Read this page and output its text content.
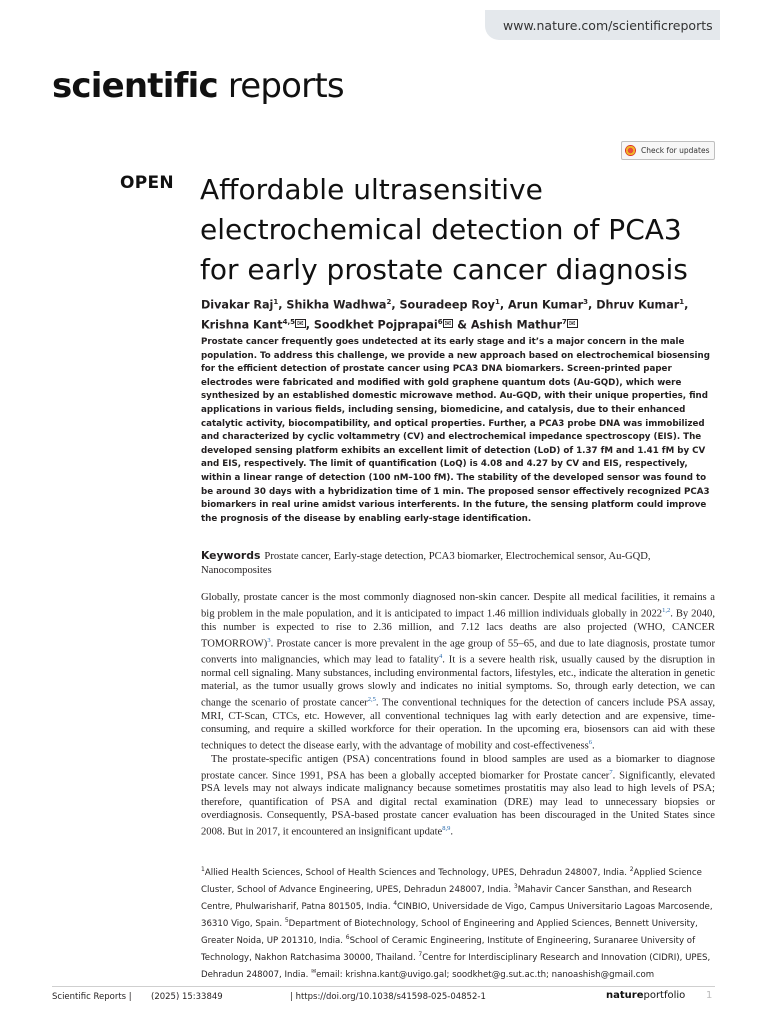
www.nature.com/scientificreports
scientific reports
Check for updates
OPEN Affordable ultrasensitive electrochemical detection of PCA3 for early prostate cancer diagnosis
Divakar Raj$^1$, Shikha Wadhwa$^2$, Souradeep Roy$^1$, Arun Kumar$^3$, Dhruv Kumar$^1$,
Krishna Kant$^{4,5}$ ✉ , Soodkhet Pojprapai$^6$ ✉ & Ashish Mathur$^7$ ✉
Prostate cancer frequently goes undetected at its early stage and it’s a major concern in the male population. To address this challenge, we provide a new approach based on electrochemical biosensing for the efficient detection of prostate cancer using PCA3 DNA biomarkers. Screen-printed paper electrodes were fabricated and modified with gold graphene quantum dots (Au-GQD), which were synthesized by an established domestic microwave method. Au-GQD, with their unique properties, find applications in various fields, including sensing, biomedicine, and catalysis, due to their enhanced catalytic activity, biocompatibility, and optical properties. Further, a PCA3 probe DNA was immobilized and characterized by cyclic voltammetry (CV) and electrochemical impedance spectroscopy (EIS). The developed sensing platform exhibits an excellent limit of detection (LoD) of 1.37 fM and 1.41 fM by CV and EIS, respectively. The limit of quantification (LoQ) is 4.08 and 4.27 by CV and EIS, respectively, within a linear range of detection (100 nM–100 fM). The stability of the developed sensor was found to be around 30 days with a hybridization time of 1 min. The proposed sensor effectively recognized PCA3 biomarkers in real urine amidst various interferents. In the future, the sensing platform could improve the prognosis of the disease by enabling early-stage identification.
Keywords Prostate cancer, Early-stage detection, PCA3 biomarker, Electrochemical sensor, Au-GQD, Nanocomposites

Globally, prostate cancer is the most commonly diagnosed non-skin cancer. Despite all medical facilities, it remains a big problem in the male population, and it is anticipated to impact 1.46 million individuals globally in 2022$^{1,2}$. By 2040, this number is expected to rise to 2.36 million, and 7.12 lacs deaths are also projected (WHO, CANCER TOMORROW)$^3$. Prostate cancer is more prevalent in the age group of 55–65, and due to late diagnosis, prostate tumor converts into malignancies, which may lead to fatality$^4$. It is a severe health risk, usually caused by the disruption in normal cell signaling. Many substances, including environmental factors, lifestyles, etc., indicate the alteration in genetic material, as the tumor usually grows slowly and indicates no initial symptoms. So, through early detection, we can change the scenario of prostate cancer$^{2,5}$. The conventional techniques for the detection of cancers include PSA assay, MRI, CT-Scan, CTCs, etc. However, all conventional techniques lag with early detection and are expensive, time-consuming, and require a skilled workforce for their operation. In the upcoming era, biosensors can aid with these techniques to detect the disease early, with the advantage of mobility and cost-effectiveness$^6$.

The prostate-specific antigen (PSA) concentrations found in blood samples are used as a biomarker to diagnose prostate cancer. Since 1991, PSA has been a globally accepted biomarker for Prostate cancer$^7$. Significantly, elevated PSA levels may not always indicate malignancy because sometimes prostatitis may also lead to high levels of PSA; therefore, quantification of PSA and digital rectal examination (DRE) may lead to unnecessary biopsies or overdiagnosis. Consequently, PSA-based prostate cancer evaluation has been discouraged in the United States since 2008. But in 2017, it encountered an insignificant update$^{8,9}$.

$^1$Allied Health Sciences, School of Health Sciences and Technology, UPES, Dehradun 248007, India. $^2$Applied Science Cluster, School of Advance Engineering, UPES, Dehradun 248007, India. $^3$Mahavir Cancer Sansthan, and Research Centre, Phulwarisharif, Patna 801505, India. $^4$CINBIO, Universidade de Vigo, Campus Universitario Lagoas Marcosende, 36310 Vigo, Spain. $^5$Department of Biotechnology, School of Engineering and Applied Sciences, Bennett University, Greater Noida, UP 201310, India. $^6$School of Ceramic Engineering, Institute of Engineering, Suranaree University of Technology, Nakhon Ratchasima 30000, Thailand. $^7$Centre for Interdisciplinary Research and Innovation (CIDRI), UPES, Dehradun 248007, India. ✉email: krishna.kant@uvigo.gal; soodkhet@g.sut.ac.th; nanoashish@gmail.com
Scientific Reports | (2025) 15:33849	| https://doi.org/10.1038/s41598-025-04852-1	natureportfolio 1
